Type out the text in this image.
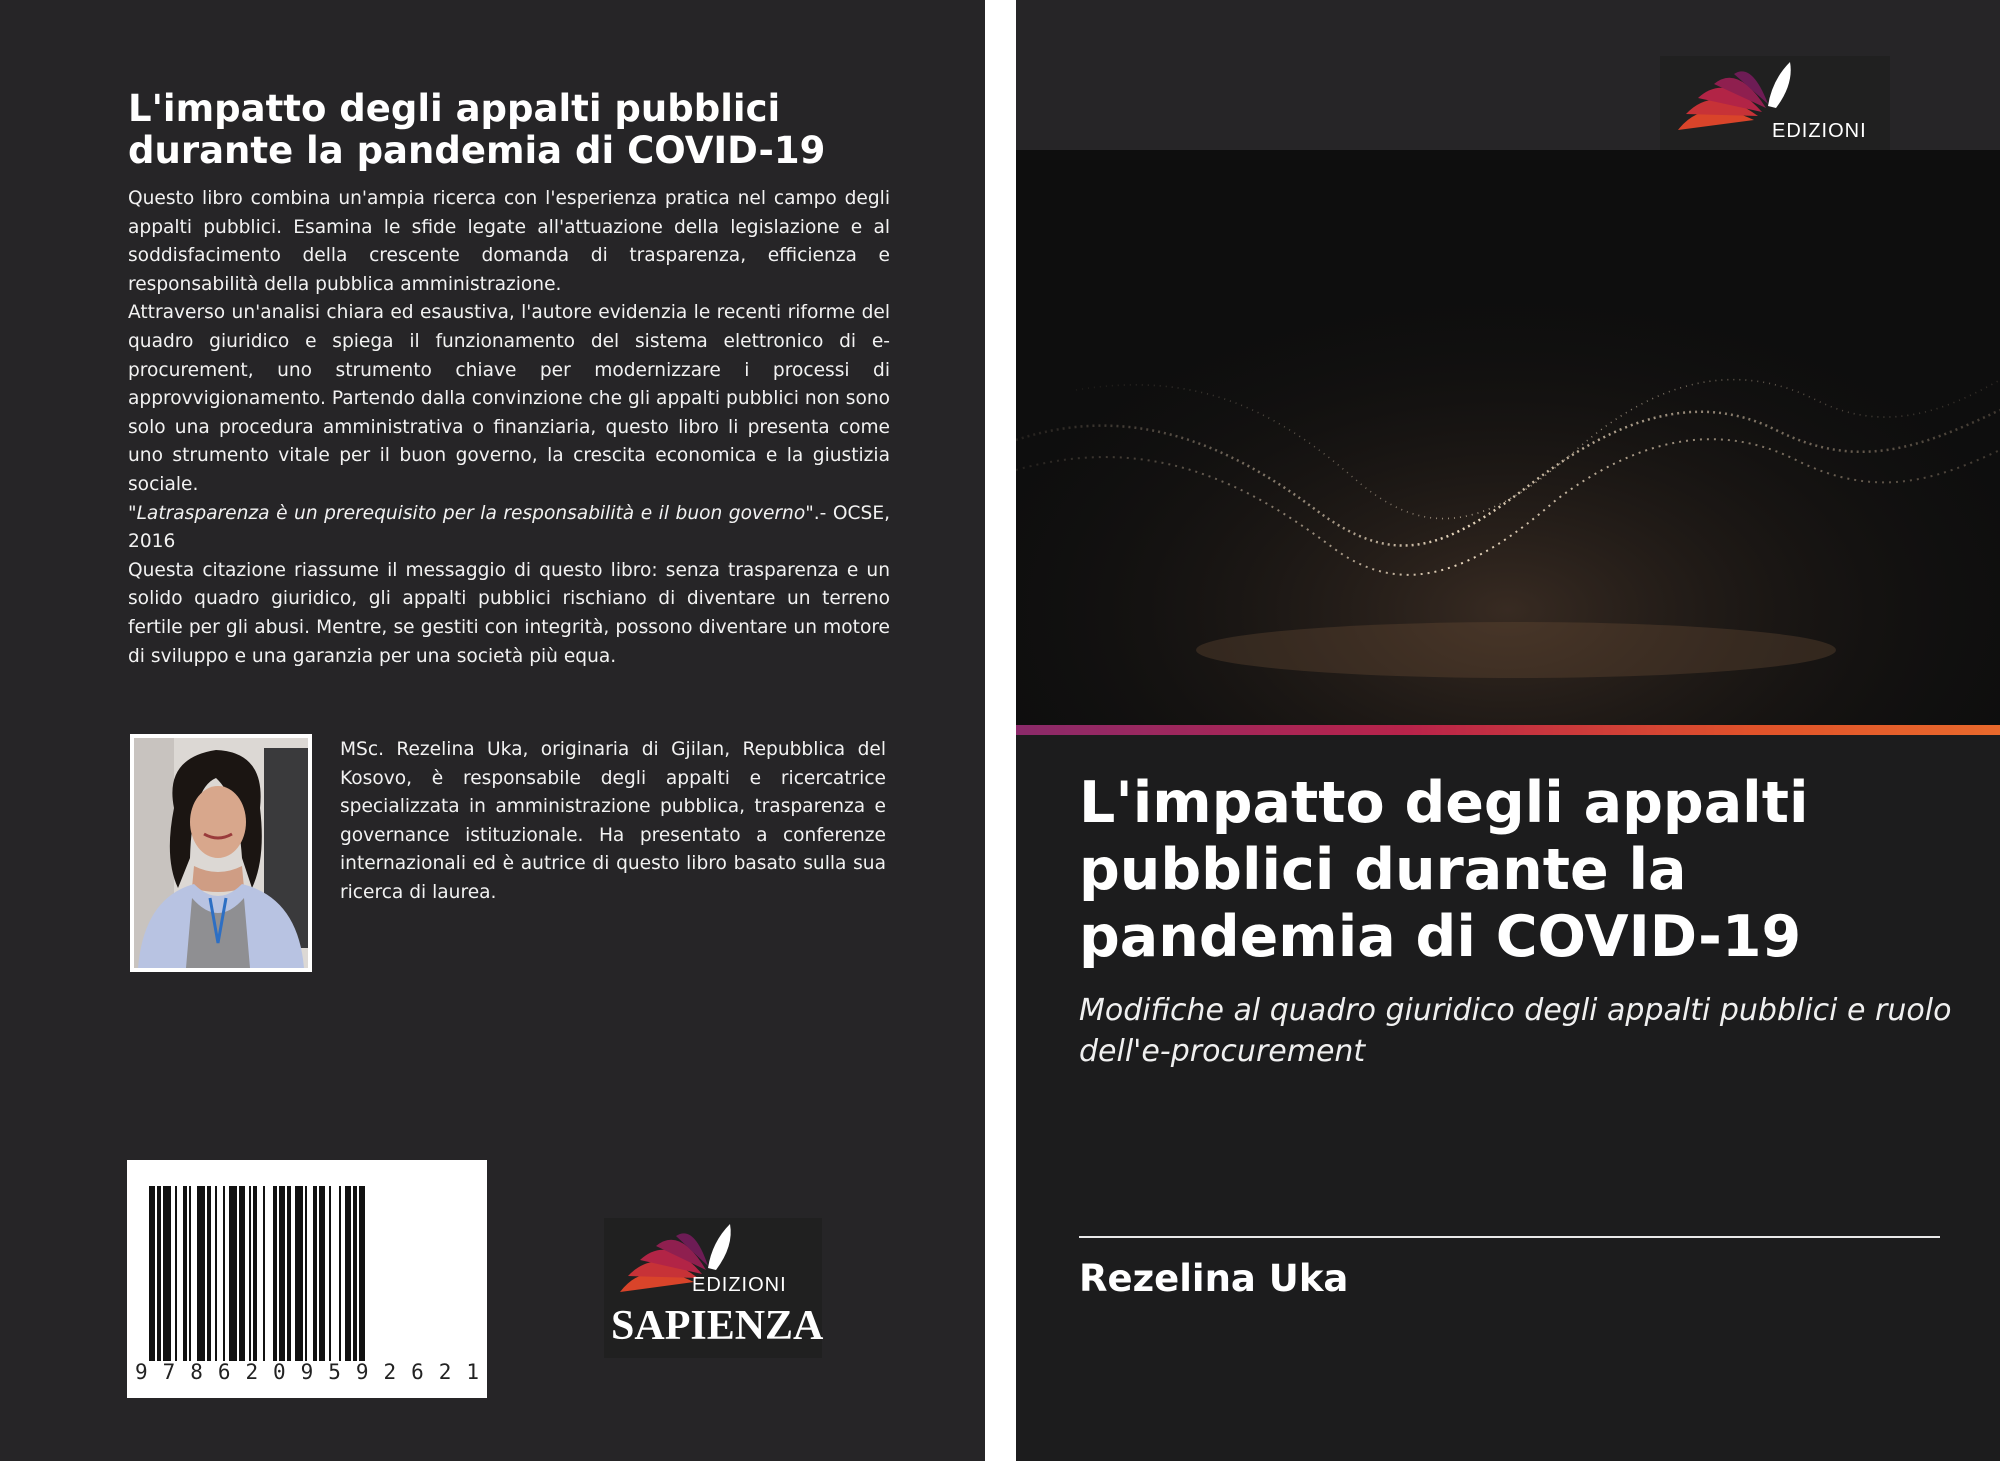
L'impatto degli appalti pubblici durante la pandemia di COVID-19

Questo libro combina un'ampia ricerca con l'esperienza pratica nel campo degli appalti pubblici. Esamina le sfide legate all'attuazione della legislazione e al soddisfacimento della crescente domanda di trasparenza, efficienza e responsabilità della pubblica amministrazione.

Attraverso un'analisi chiara ed esaustiva, l'autore evidenzia le recenti riforme del quadro giuridico e spiega il funzionamento del sistema elettronico di e-procurement, uno strumento chiave per modernizzare i processi di approvvigionamento. Partendo dalla convinzione che gli appalti pubblici non sono solo una procedura amministrativa o finanziaria, questo libro li presenta come uno strumento vitale per il buon governo, la crescita economica e la giustizia sociale.

"Latrasparenza è un prerequisito per la responsabilità e il buon governo".- OCSE, 2016

Questa citazione riassume il messaggio di questo libro: senza trasparenza e un solido quadro giuridico, gli appalti pubblici rischiano di diventare un terreno fertile per gli abusi. Mentre, se gestiti con integrità, possono diventare un motore di sviluppo e una garanzia per una società più equa.

MSc. Rezelina Uka, originaria di Gjilan, Repubblica del Kosovo, è responsabile degli appalti e ricercatrice specializzata in amministrazione pubblica, trasparenza e governance istituzionale. Ha presentato a conferenze internazionali ed è autrice di questo libro basato sulla sua ricerca di laurea.

9 7 8 6 2 0 9 5 9 2 6 2 1
EDIZIONI
SAPIENZA
EDIZIONI
L'impatto degli appalti pubblici durante la pandemia di COVID-19

Modifiche al quadro giuridico degli appalti pubblici e ruolo dell'e-procurement

Rezelina Uka
